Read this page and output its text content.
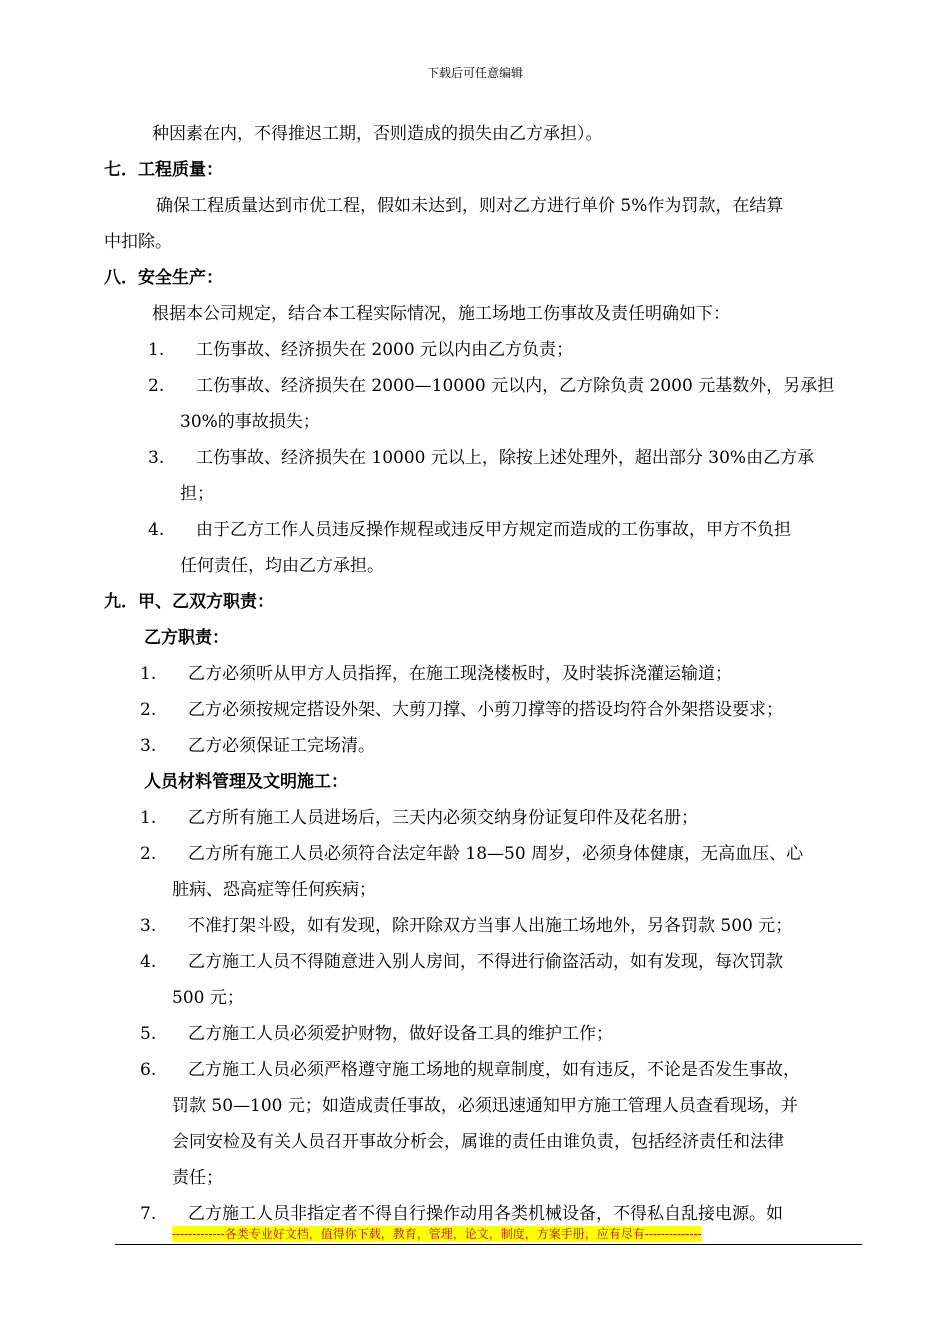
下载后可任意编辑
种因素在内，不得推迟工期，否则造成的损失由乙方承担）。
七．工程质量：
确保工程质量达到市优工程，假如未达到，则对乙方进行单价 5%作为罚款，在结算
中扣除。
八．安全生产：
根据本公司规定，结合本工程实际情况，施工场地工伤事故及责任明确如下：
1.	工伤事故、经济损失在 2000 元以内由乙方负责；
2.	工伤事故、经济损失在 2000—10000 元以内，乙方除负责 2000 元基数外，另承担
30%的事故损失；
3.	工伤事故、经济损失在 10000 元以上，除按上述处理外，超出部分 30%由乙方承
担；
4.	由于乙方工作人员违反操作规程或违反甲方规定而造成的工伤事故，甲方不负担
任何责任，均由乙方承担。
九．甲、乙双方职责：
乙方职责：
1.	乙方必须听从甲方人员指挥，在施工现浇楼板时，及时装拆浇灌运输道；
2.	乙方必须按规定搭设外架、大剪刀撑、小剪刀撑等的搭设均符合外架搭设要求；
3.	乙方必须保证工完场清。
人员材料管理及文明施工：
1.	乙方所有施工人员进场后，三天内必须交纳身份证复印件及花名册；
2.	乙方所有施工人员必须符合法定年龄 18—50 周岁，必须身体健康，无高血压、心
脏病、恐高症等任何疾病；
3.	不准打架斗殴，如有发现，除开除双方当事人出施工场地外，另各罚款 500 元；
4.	乙方施工人员不得随意进入别人房间，不得进行偷盗活动，如有发现，每次罚款
500 元；
5.	乙方施工人员必须爱护财物，做好设备工具的维护工作；
6.	乙方施工人员必须严格遵守施工场地的规章制度，如有违反，不论是否发生事故，
罚款 50—100 元；如造成责任事故，必须迅速通知甲方施工管理人员查看现场，并
会同安检及有关人员召开事故分析会，属谁的责任由谁负责，包括经济责任和法律
责任；
7.	乙方施工人员非指定者不得自行操作动用各类机械设备，不得私自乱接电源。如
-------------各类专业好文档，值得你下载，教育，管理，论文，制度，方案手册，应有尽有--------------
